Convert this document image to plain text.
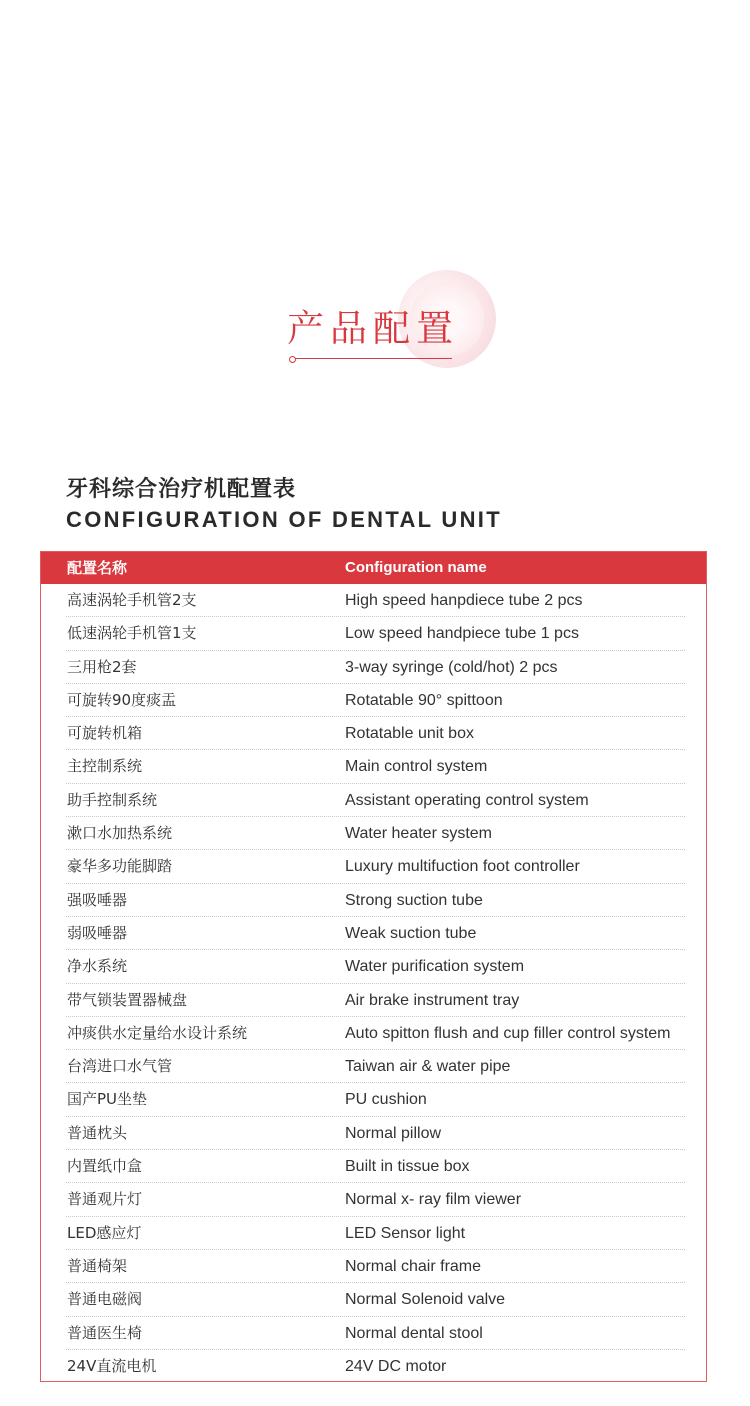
产品配置
牙科综合治疗机配置表
CONFIGURATION OF DENTAL UNIT
配置名称	Configuration name
高速涡轮手机管2支	High speed hanpdiece tube 2 pcs
低速涡轮手机管1支	Low speed handpiece tube 1 pcs
三用枪2套	3-way syringe (cold/hot) 2 pcs
可旋转90度痰盂	Rotatable 90° spittoon
可旋转机箱	Rotatable unit box
主控制系统	Main control system
助手控制系统	Assistant operating control system
漱口水加热系统	Water heater system
豪华多功能脚踏	Luxury multifuction foot controller
强吸唾器	Strong suction tube
弱吸唾器	Weak suction tube
净水系统	Water purification system
带气锁装置器械盘	Air brake instrument tray
冲痰供水定量给水设计系统	Auto spitton flush and cup filler control system
台湾进口水气管	Taiwan air & water pipe
国产PU坐垫	PU cushion
普通枕头	Normal pillow
内置纸巾盒	Built in tissue box
普通观片灯	Normal x- ray film viewer
LED感应灯	LED Sensor light
普通椅架	Normal chair frame
普通电磁阀	Normal Solenoid valve
普通医生椅	Normal dental stool
24V直流电机	24V DC motor
